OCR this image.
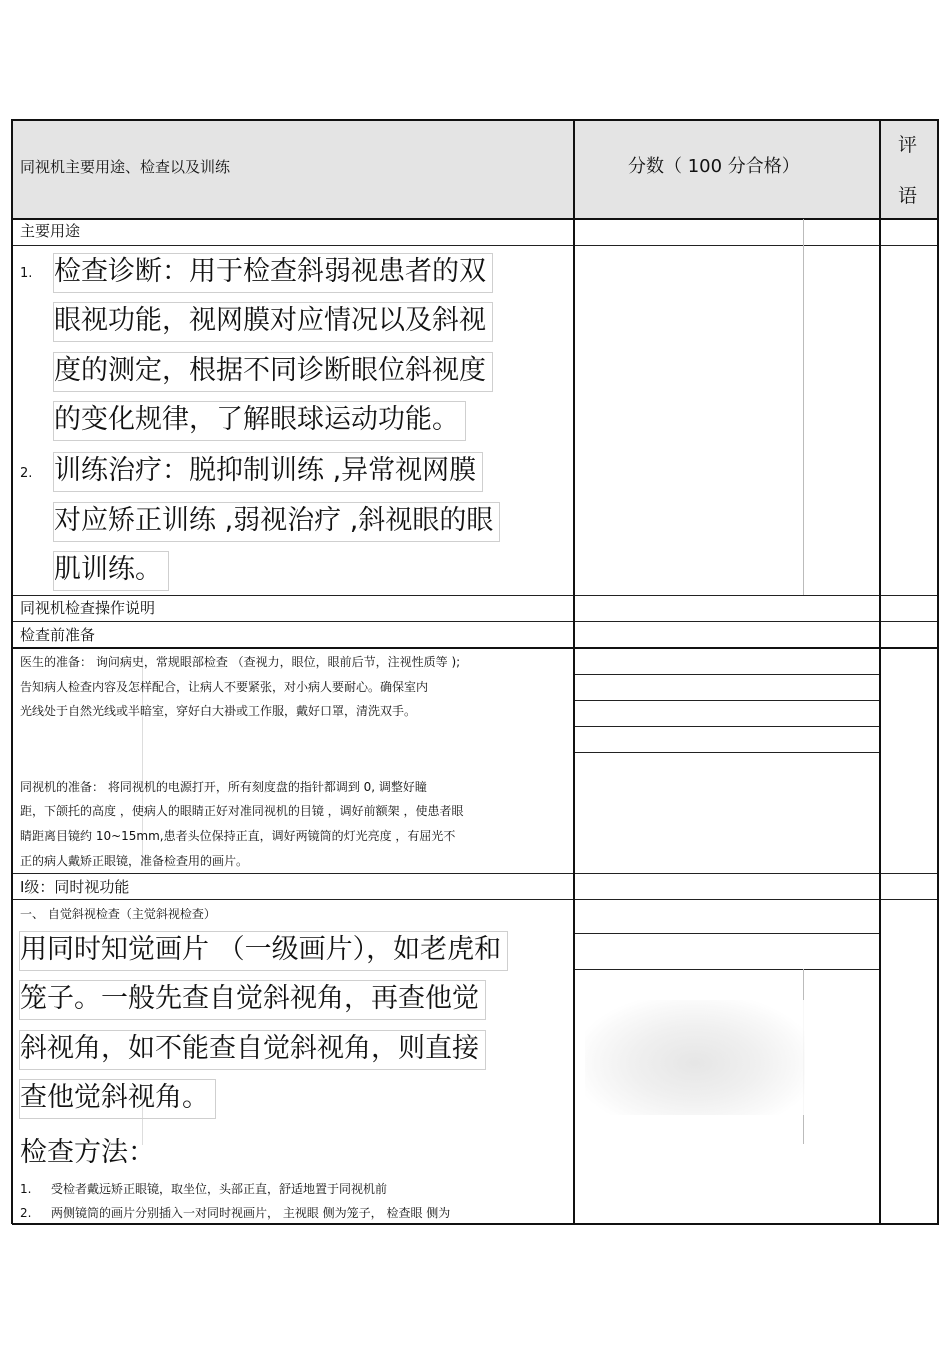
同视机主要用途、检查以及训练	分数（ 100 分合格）
评
语
主要用途
1. 检查诊断：用于检查斜弱视患者的双
眼视功能，视网膜对应情况以及斜视
度的测定，根据不同诊断眼位斜视度
的变化规律，了解眼球运动功能。
2. 训练治疗：脱抑制训练 ,异常视网膜
对应矫正训练 ,弱视治疗 ,斜视眼的眼
肌训练。
同视机检查操作说明
检查前准备
医生的准备： 询问病史，常规眼部检查 （查视力，眼位，眼前后节，注视性质等 );
告知病人检查内容及怎样配合，让病人不要紧张，对小病人要耐心。确保室内
光线处于自然光线或半暗室，穿好白大褂或工作服，戴好口罩，清洗双手。
同视机的准备： 将同视机的电源打开，所有刻度盘的指针都调到 0, 调整好瞳
距，下颌托的高度 ，使病人的眼睛正好对准同视机的目镜 ，调好前额架 ，使患者眼
睛距离目镜约 10~15mm,患者头位保持正直，调好两镜筒的灯光亮度 ，有屈光不
正的病人戴矫正眼镜，准备检查用的画片。
Ⅰ级：同时视功能
一、 自觉斜视检查（主觉斜视检查）
用同时知觉画片 （一级画片），如老虎和
笼子。一般先查自觉斜视角，再查他觉
斜视角，如不能查自觉斜视角，则直接
查他觉斜视角。
检查方法：
1. 受检者戴远矫正眼镜，取坐位，头部正直，舒适地置于同视机前
2. 两侧镜筒的画片分别插入一对同时视画片， 主视眼 侧为笼子， 检查眼 侧为
